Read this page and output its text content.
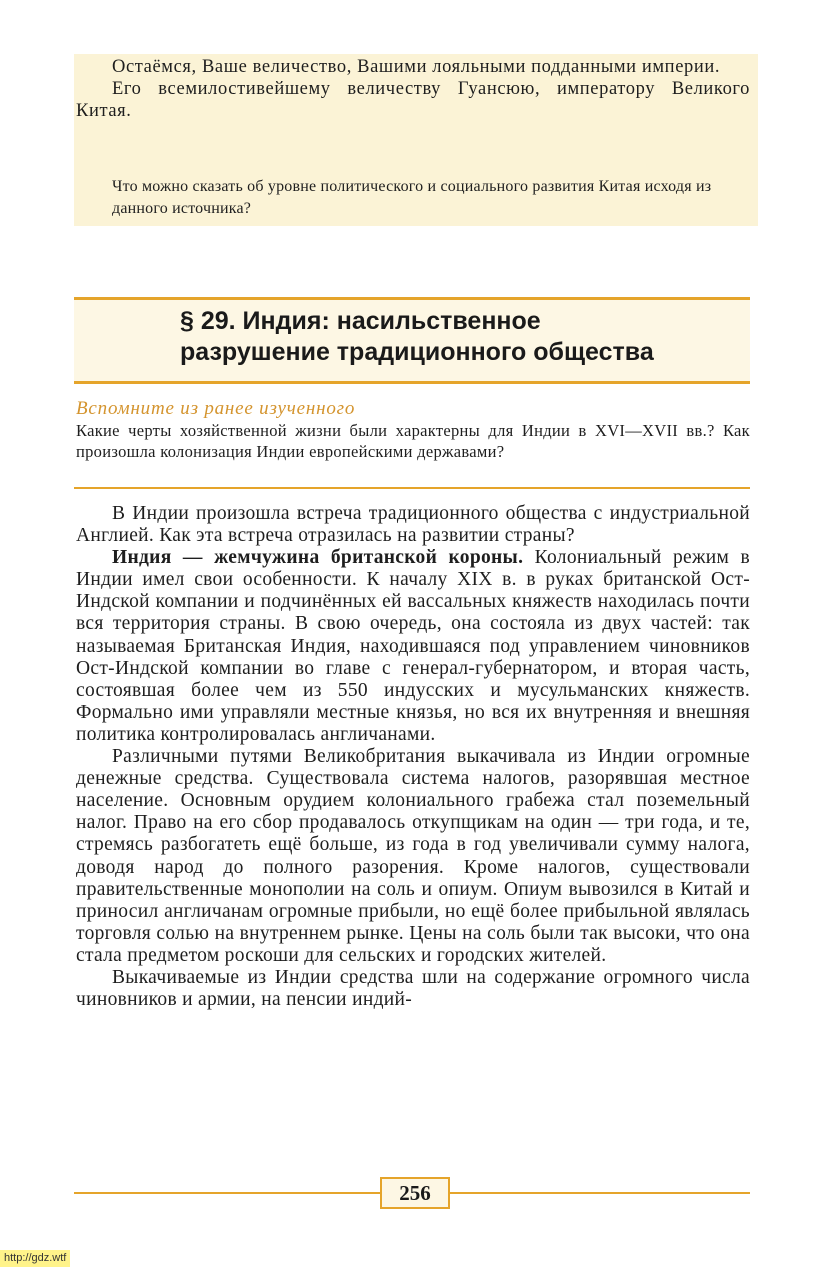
Остаёмся, Ваше величество, Вашими лояльными подданными империи.

Его всемилостивейшему величеству Гуансюю, императору Великого Китая.

Что можно сказать об уровне политического и социального развития Китая исходя из данного источника?
§ 29. Индия: насильственное
разрушение традиционного общества
Вспомните из ранее изученного
Какие черты хозяйственной жизни были характерны для Индии в XVI—XVII вв.? Как произошла колонизация Индии европейскими державами?

В Индии произошла встреча традиционного общества с индустриальной Англией. Как эта встреча отразилась на развитии страны?

Индия — жемчужина британской короны. Колониальный режим в Индии имел свои особенности. К началу XIX в. в руках британской Ост-Индской компании и подчинённых ей вассальных княжеств находилась почти вся территория страны. В свою очередь, она состояла из двух частей: так называемая Британская Индия, находившаяся под управлением чиновников Ост-Индской компании во главе с генерал-губернатором, и вторая часть, состоявшая более чем из 550 индусских и мусульманских княжеств. Формально ими управляли местные князья, но вся их внутренняя и внешняя политика контролировалась англичанами.

Различными путями Великобритания выкачивала из Индии огромные денежные средства. Существовала система налогов, разорявшая местное население. Основным орудием колониального грабежа стал поземельный налог. Право на его сбор продавалось откупщикам на один — три года, и те, стремясь разбогатеть ещё больше, из года в год увеличивали сумму налога, доводя народ до полного разорения. Кроме налогов, существовали правительственные монополии на соль и опиум. Опиум вывозился в Китай и приносил англичанам огромные прибыли, но ещё более прибыльной являлась торговля солью на внутреннем рынке. Цены на соль были так высоки, что она стала предметом роскоши для сельских и городских жителей.

Выкачиваемые из Индии средства шли на содержание огромного числа чиновников и армии, на пенсии индий-

256
http://gdz.wtf
